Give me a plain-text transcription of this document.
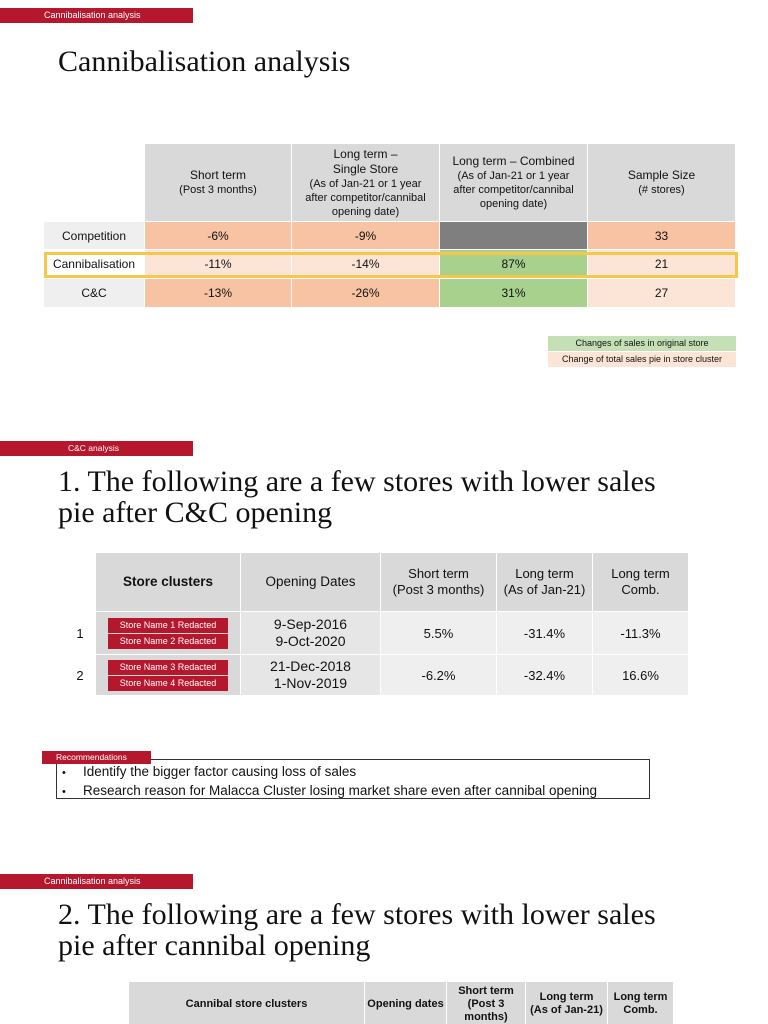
Cannibalisation analysis
Cannibalisation analysis
	Short term
(Post 3 months)	Long term –
Single Store
(As of Jan-21 or 1 year after competitor/cannibal opening date)	Long term – Combined
(As of Jan-21 or 1 year after competitor/cannibal opening date)	Sample Size
(# stores)
Competition	-6%	-9%		33
Cannibalisation	-11%	-14%	87%	21
C&C	-13%	-26%	31%	27
Changes of sales in original store
Change of total sales pie in store cluster
C&C analysis
1. The following are a few stores with lower sales
pie after C&C opening
	Store clusters	Opening Dates	Short term
(Post 3 months)	Long term
(As of Jan-21)	Long term
Comb.
1	Store Name 1 Redacted
Store Name 2 Redacted	9-Sep-2016
9-Oct-2020	5.5%	-31.4%	-11.3%
2	Store Name 3 Redacted
Store Name 4 Redacted	21-Dec-2018
1-Nov-2019	-6.2%	-32.4%	16.6%
Recommendations
• Identify the bigger factor causing loss of sales
• Research reason for Malacca Cluster losing market share even after cannibal opening
Cannibalisation analysis
2. The following are a few stores with lower sales
pie after cannibal opening
Cannibal store clusters	Opening dates	Short term
(Post 3
months)	Long term
(As of Jan-21)	Long term
Comb.
